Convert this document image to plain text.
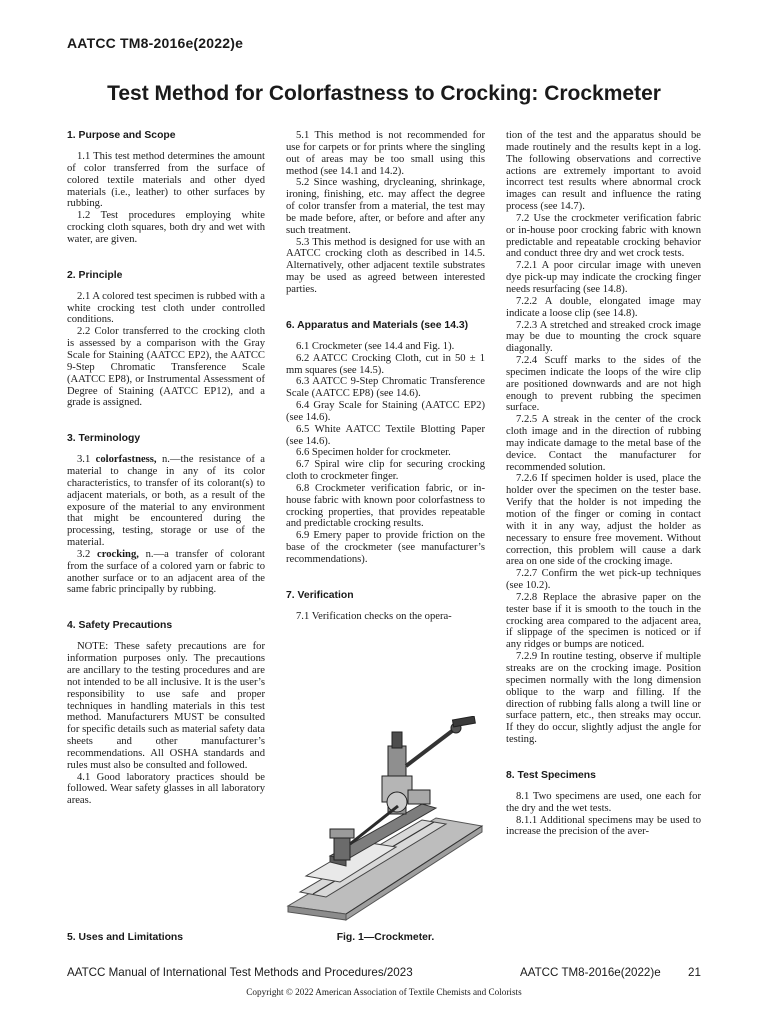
AATCC TM8-2016e(2022)e
Test Method for Colorfastness to Crocking: Crockmeter
1. Purpose and Scope

1.1 This test method determines the amount of color transferred from the surface of colored textile materials and other dyed materials (i.e., leather) to other surfaces by rubbing.

1.2 Test procedures employing white crocking cloth squares, both dry and wet with water, are given.

2. Principle

2.1 A colored test specimen is rubbed with a white crocking test cloth under controlled conditions.

2.2 Color transferred to the crocking cloth is assessed by a comparison with the Gray Scale for Staining (AATCC EP2), the AATCC 9-Step Chromatic Transference Scale (AATCC EP8), or Instrumental Assessment of Degree of Staining (AATCC EP12), and a grade is assigned.

3. Terminology

3.1 colorfastness, n.—the resistance of a material to change in any of its color characteristics, to transfer of its colorant(s) to adjacent materials, or both, as a result of the exposure of the material to any environment that might be encountered during the processing, testing, storage or use of the material.

3.2 crocking, n.—a transfer of colorant from the surface of a colored yarn or fabric to another surface or to an adjacent area of the same fabric principally by rubbing.

4. Safety Precautions

NOTE: These safety precautions are for information purposes only. The precautions are ancillary to the testing procedures and are not intended to be all inclusive. It is the user’s responsibility to use safe and proper techniques in handling materials in this test method. Manufacturers MUST be consulted for specific details such as material safety data sheets and other manufacturer’s recommendations. All OSHA standards and rules must also be consulted and followed.

4.1 Good laboratory practices should be followed. Wear safety glasses in all laboratory areas.

5. Uses and Limitations

5.1 This method is not recommended for use for carpets or for prints where the singling out of areas may be too small using this method (see 14.1 and 14.2).

5.2 Since washing, drycleaning, shrinkage, ironing, finishing, etc. may affect the degree of color transfer from a material, the test may be made before, after, or before and after any such treatment.

5.3 This method is designed for use with an AATCC crocking cloth as described in 14.5. Alternatively, other adjacent textile substrates may be used as agreed between interested parties.

6. Apparatus and Materials (see 14.3)

6.1 Crockmeter (see 14.4 and Fig. 1).

6.2 AATCC Crocking Cloth, cut in 50 ± 1 mm squares (see 14.5).

6.3 AATCC 9-Step Chromatic Transference Scale (AATCC EP8) (see 14.6).

6.4 Gray Scale for Staining (AATCC EP2) (see 14.6).

6.5 White AATCC Textile Blotting Paper (see 14.6).

6.6 Specimen holder for crockmeter.

6.7 Spiral wire clip for securing crocking cloth to crockmeter finger.

6.8 Crockmeter verification fabric, or in-house fabric with known poor colorfastness to crocking properties, that provides repeatable and predictable crocking results.

6.9 Emery paper to provide friction on the base of the crockmeter (see manufacturer’s recommendations).

7. Verification

7.1 Verification checks on the opera-

Fig. 1—Crockmeter.

tion of the test and the apparatus should be made routinely and the results kept in a log. The following observations and corrective actions are extremely important to avoid incorrect test results where abnormal crock images can result and influence the rating process (see 14.7).

7.2 Use the crockmeter verification fabric or in-house poor crocking fabric with known predictable and repeatable crocking behavior and conduct three dry and wet crock tests.

7.2.1 A poor circular image with uneven dye pick-up may indicate the crocking finger needs resurfacing (see 14.8).

7.2.2 A double, elongated image may indicate a loose clip (see 14.8).

7.2.3 A stretched and streaked crock image may be due to mounting the crock square diagonally.

7.2.4 Scuff marks to the sides of the specimen indicate the loops of the wire clip are positioned downwards and are not high enough to prevent rubbing the specimen surface.

7.2.5 A streak in the center of the crock cloth image and in the direction of rubbing may indicate damage to the metal base of the device. Contact the manufacturer for recommended solution.

7.2.6 If specimen holder is used, place the holder over the specimen on the tester base. Verify that the holder is not impeding the motion of the finger or coming in contact with it in any way, adjust the holder as necessary to ensure free movement. Without correction, this problem will cause a dark area on one side of the crocking image.

7.2.7 Confirm the wet pick-up techniques (see 10.2).

7.2.8 Replace the abrasive paper on the tester base if it is smooth to the touch in the crocking area compared to the adjacent area, if slippage of the specimen is noticed or if any ridges or bumps are noticed.

7.2.9 In routine testing, observe if multiple streaks are on the crocking image. Position specimen normally with the long dimension oblique to the warp and filling. If the direction of rubbing falls along a twill line or surface pattern, etc., then streaks may occur. If they do occur, slightly adjust the angle for testing.

8. Test Specimens

8.1 Two specimens are used, one each for the dry and the wet tests.

8.1.1 Additional specimens may be used to increase the precision of the aver-

AATCC Manual of International Test Methods and Procedures/2023	AATCC TM8-2016e(2022)e 21
Copyright © 2022 American Association of Textile Chemists and Colorists
